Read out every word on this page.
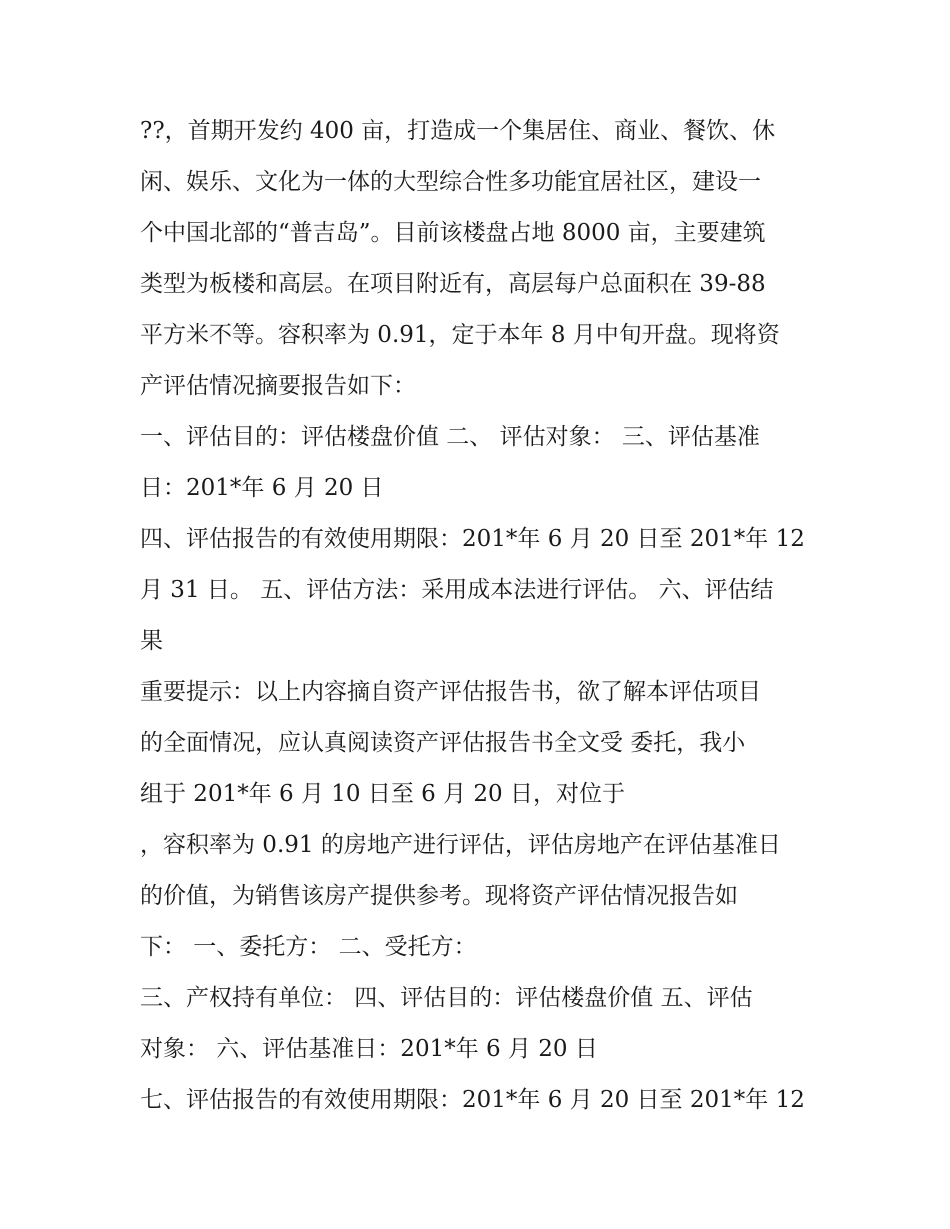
??，首期开发约 400 亩，打造成一个集居住、商业、餐饮、休
闲、娱乐、文化为一体的大型综合性多功能宜居社区，建设一
个中国北部的“普吉岛”。目前该楼盘占地 8000 亩，主要建筑
类型为板楼和高层。在项目附近有，高层每户总面积在 39-88
平方米不等。容积率为 0.91，定于本年 8 月中旬开盘。现将资
产评估情况摘要报告如下：
一、评估目的：评估楼盘价值 二、 评估对象： 三、评估基准
日：201*年 6 月 20 日
四、评估报告的有效使用期限：201*年 6 月 20 日至 201*年 12
月 31 日。 五、评估方法：采用成本法进行评估。 六、评估结
果
重要提示：以上内容摘自资产评估报告书，欲了解本评估项目
的全面情况，应认真阅读资产评估报告书全文受 委托，我小
组于 201*年 6 月 10 日至 6 月 20 日，对位于
，容积率为 0.91 的房地产进行评估，评估房地产在评估基准日
的价值，为销售该房产提供参考。现将资产评估情况报告如
下： 一、委托方： 二、受托方：
三、产权持有单位： 四、评估目的：评估楼盘价值 五、评估
对象： 六、评估基准日：201*年 6 月 20 日
七、评估报告的有效使用期限：201*年 6 月 20 日至 201*年 12
